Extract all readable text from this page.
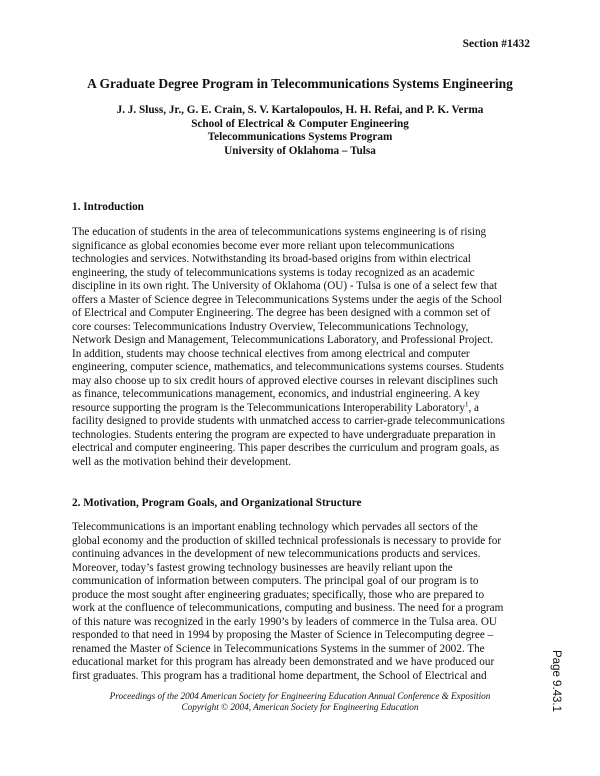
Section #1432
A Graduate Degree Program in Telecommunications Systems Engineering
J. J. Sluss, Jr., G. E. Crain, S. V. Kartalopoulos, H. H. Refai, and P. K. Verma
School of Electrical & Computer Engineering
Telecommunications Systems Program
University of Oklahoma – Tulsa
1. Introduction
The education of students in the area of telecommunications systems engineering is of rising
significance as global economies become ever more reliant upon telecommunications
technologies and services. Notwithstanding its broad-based origins from within electrical
engineering, the study of telecommunications systems is today recognized as an academic
discipline in its own right. The University of Oklahoma (OU) - Tulsa is one of a select few that
offers a Master of Science degree in Telecommunications Systems under the aegis of the School
of Electrical and Computer Engineering. The degree has been designed with a common set of
core courses: Telecommunications Industry Overview, Telecommunications Technology,
Network Design and Management, Telecommunications Laboratory, and Professional Project.
In addition, students may choose technical electives from among electrical and computer
engineering, computer science, mathematics, and telecommunications systems courses. Students
may also choose up to six credit hours of approved elective courses in relevant disciplines such
as finance, telecommunications management, economics, and industrial engineering. A key
resource supporting the program is the Telecommunications Interoperability Laboratory$^1$, a
facility designed to provide students with unmatched access to carrier-grade telecommunications
technologies. Students entering the program are expected to have undergraduate preparation in
electrical and computer engineering. This paper describes the curriculum and program goals, as
well as the motivation behind their development.
2. Motivation, Program Goals, and Organizational Structure
Telecommunications is an important enabling technology which pervades all sectors of the
global economy and the production of skilled technical professionals is necessary to provide for
continuing advances in the development of new telecommunications products and services.
Moreover, today’s fastest growing technology businesses are heavily reliant upon the
communication of information between computers. The principal goal of our program is to
produce the most sought after engineering graduates; specifically, those who are prepared to
work at the confluence of telecommunications, computing and business. The need for a program
of this nature was recognized in the early 1990’s by leaders of commerce in the Tulsa area. OU
responded to that need in 1994 by proposing the Master of Science in Telecomputing degree –
renamed the Master of Science in Telecommunications Systems in the summer of 2002. The
educational market for this program has already been demonstrated and we have produced our
first graduates. This program has a traditional home department, the School of Electrical and
Proceedings of the 2004 American Society for Engineering Education Annual Conference & Exposition
Copyright © 2004, American Society for Engineering Education	Page 9.43.1
